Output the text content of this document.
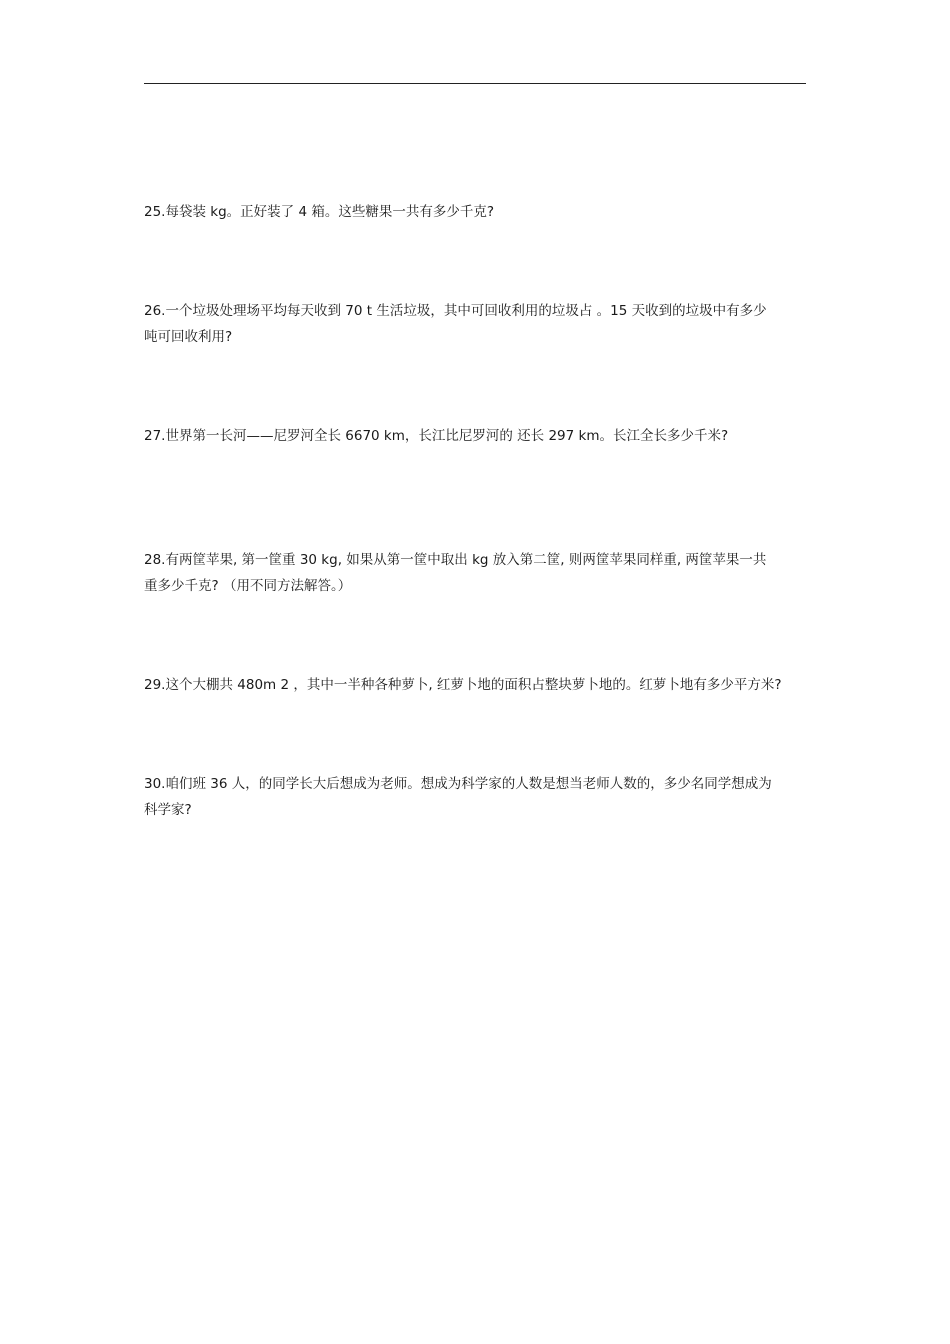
25.每袋装 kg。正好装了 4 箱。这些糖果一共有多少千克?

26.一个垃圾处理场平均每天收到 70 t 生活垃圾，其中可回收利用的垃圾占 。15 天收到的垃圾中有多少
吨可回收利用?

27.世界第一长河——尼罗河全长 6670 km，长江比尼罗河的 还长 297 km。长江全长多少千米?

28.有两筐苹果, 第一筐重 30 kg, 如果从第一筐中取出 kg 放入第二筐, 则两筐苹果同样重, 两筐苹果一共
重多少千克? （用不同方法解答。）

29.这个大棚共 480m 2 ，其中一半种各种萝卜, 红萝卜地的面积占整块萝卜地的。红萝卜地有多少平方米?

30.咱们班 36 人，的同学长大后想成为老师。想成为科学家的人数是想当老师人数的，多少名同学想成为
科学家?
